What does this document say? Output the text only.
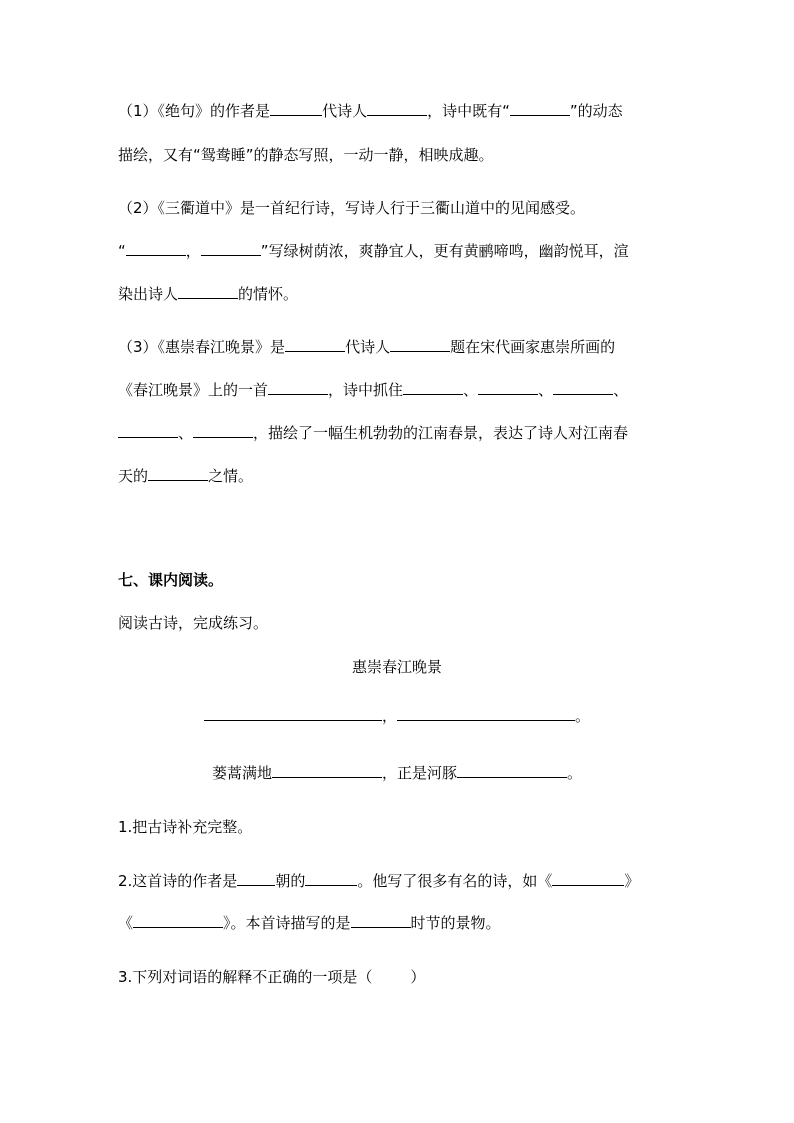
（1）《绝句》的作者是	代诗人	，诗中既有“	”的动态
描绘，又有“鸳鸯睡”的静态写照，一动一静，相映成趣。
（2）《三衢道中》是一首纪行诗，写诗人行于三衢山道中的见闻感受。
“	，	”写绿树荫浓，爽静宜人，更有黄鹂啼鸣，幽韵悦耳，渲
染出诗人	的情怀。
（3）《惠崇春江晚景》是	代诗人	题在宋代画家惠崇所画的
《春江晚景》上的一首	，诗中抓住	、	、	、
、	，描绘了一幅生机勃勃的江南春景，表达了诗人对江南春
天的	之情。
七、课内阅读。
阅读古诗，完成练习。
惠崇春江晚景
，	。
蒌蒿满地	，正是河豚	。
1.把古诗补充完整。
2.这首诗的作者是	朝的	。他写了很多有名的诗，如《	》
《	》。本首诗描写的是	时节的景物。
3.下列对词语的解释不正确的一项是（	）
